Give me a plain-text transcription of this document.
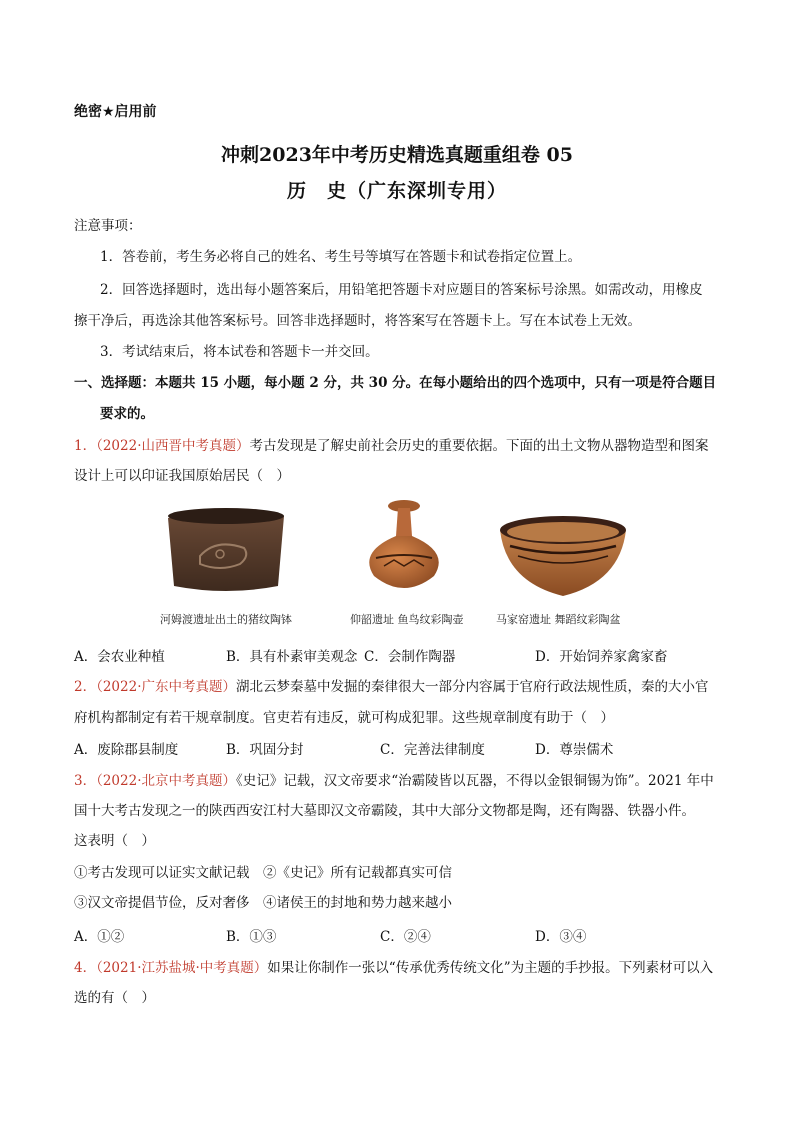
绝密★启用前
冲刺2023年中考历史精选真题重组卷 05
历　史（广东深圳专用）
注意事项：
1．答卷前，考生务必将自己的姓名、考生号等填写在答题卡和试卷指定位置上。
2．回答选择题时，选出每小题答案后，用铅笔把答题卡对应题目的答案标号涂黑。如需改动，用橡皮
擦干净后，再选涂其他答案标号。回答非选择题时，将答案写在答题卡上。写在本试卷上无效。
3．考试结束后，将本试卷和答题卡一并交回。
一、选择题：本题共 15 小题，每小题 2 分，共 30 分。在每小题给出的四个选项中，只有一项是符合题目
要求的。
1．（2022·山西晋中考真题）考古发现是了解史前社会历史的重要依据。下面的出土文物从器物造型和图案
设计上可以印证我国原始居民（　）
河姆渡遗址出土的猪纹陶钵	仰韶遗址 鱼鸟纹彩陶壶	马家窑遗址 舞蹈纹彩陶盆
A．会农业种植	B．具有朴素审美观念 C．会制作陶器	D．开始饲养家禽家畜
2．（2022·广东中考真题）湖北云梦秦墓中发掘的秦律很大一部分内容属于官府行政法规性质，秦的大小官
府机构都制定有若干规章制度。官吏若有违反，就可构成犯罪。这些规章制度有助于（　）
A．废除郡县制度	B．巩固分封	C．完善法律制度	D．尊崇儒术
3．（2022·北京中考真题）《史记》记载，汉文帝要求“治霸陵皆以瓦器，不得以金银铜锡为饰”。2021 年中
国十大考古发现之一的陕西西安江村大墓即汉文帝霸陵，其中大部分文物都是陶，还有陶器、铁器小件。
这表明（　）
①考古发现可以证实文献记载　②《史记》所有记载都真实可信
③汉文帝提倡节俭，反对奢侈　④诸侯王的封地和势力越来越小
A．①②	B．①③	C．②④	D．③④
4．（2021·江苏盐城·中考真题）如果让你制作一张以“传承优秀传统文化”为主题的手抄报。下列素材可以入
选的有（　）
